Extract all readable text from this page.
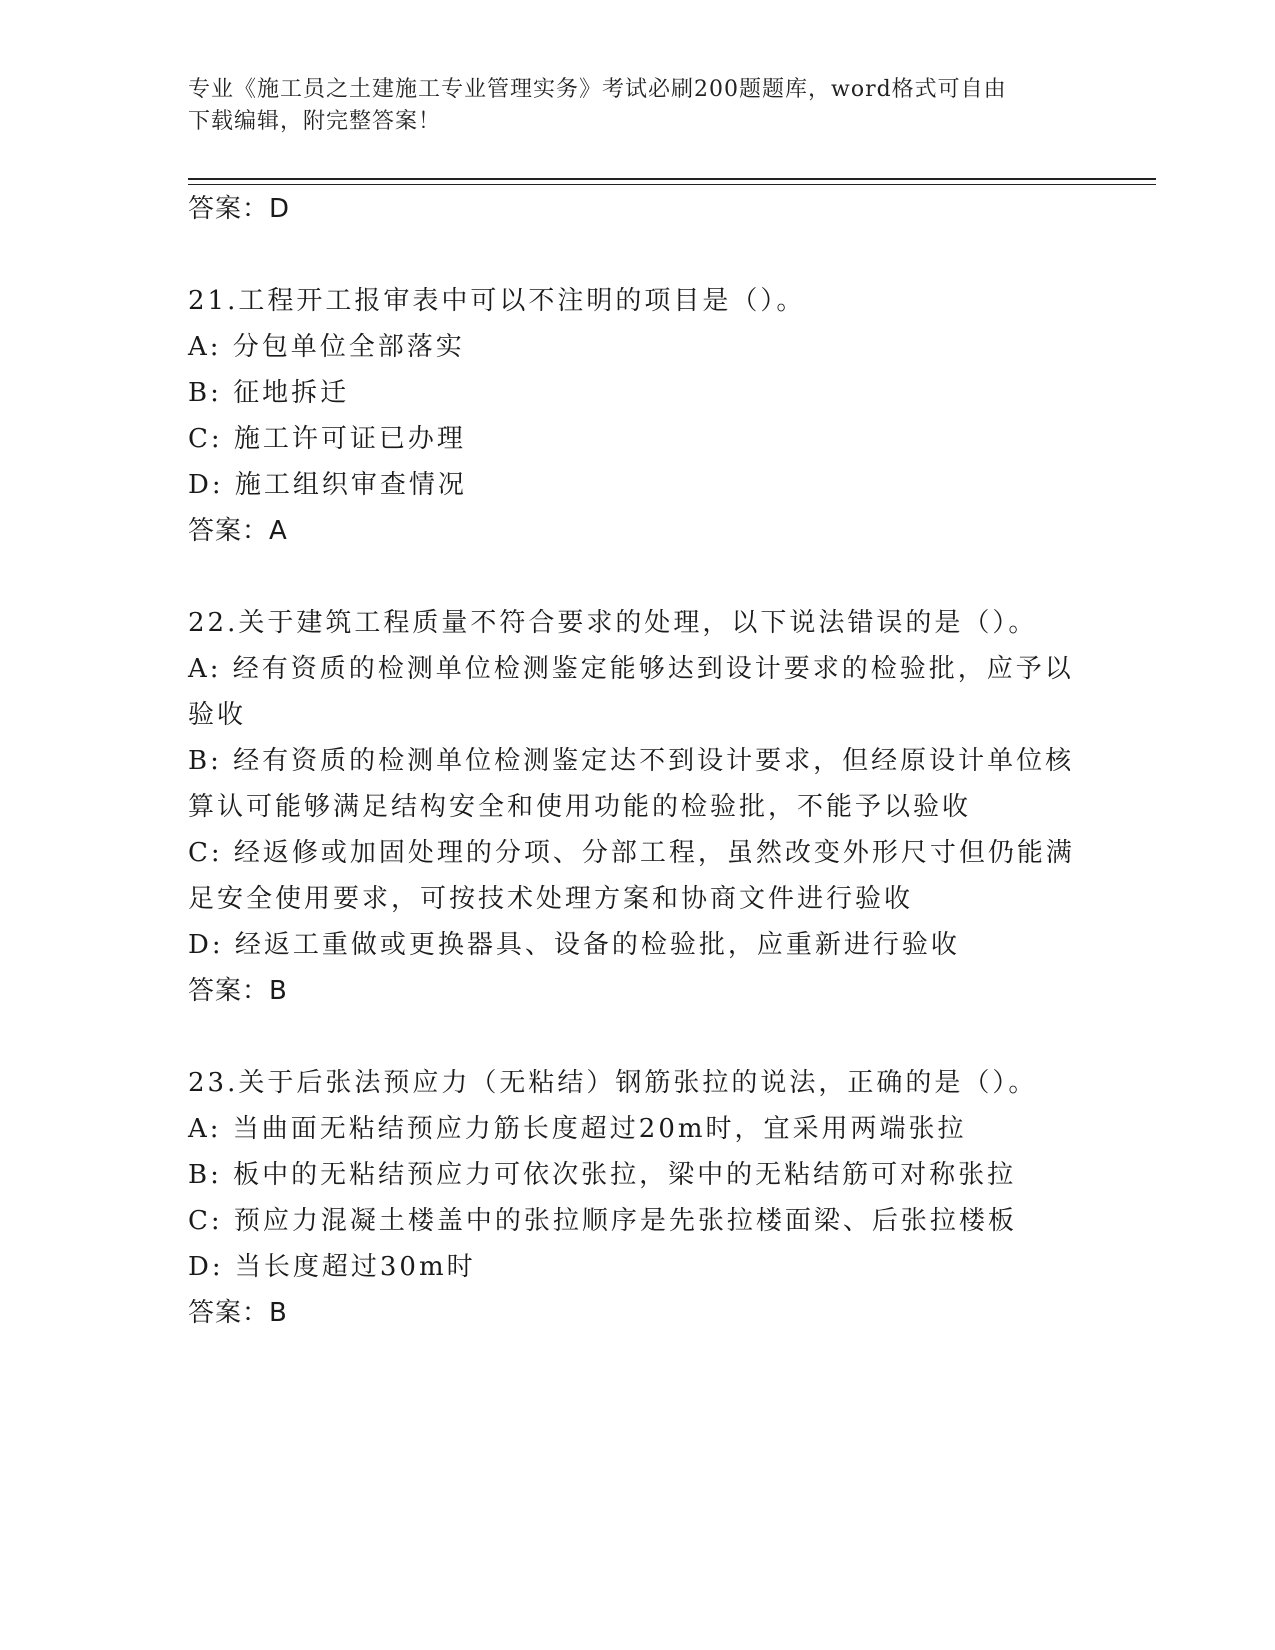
专业《施工员之土建施工专业管理实务》考试必刷200题题库，word格式可自由
下载编辑，附完整答案！
答案：D
21.工程开工报审表中可以不注明的项目是（）。
A: 分包单位全部落实
B: 征地拆迁
C: 施工许可证已办理
D: 施工组织审查情况
答案：A
22.关于建筑工程质量不符合要求的处理，以下说法错误的是（）。
A: 经有资质的检测单位检测鉴定能够达到设计要求的检验批，应予以
验收
B: 经有资质的检测单位检测鉴定达不到设计要求，但经原设计单位核
算认可能够满足结构安全和使用功能的检验批，不能予以验收
C: 经返修或加固处理的分项、分部工程，虽然改变外形尺寸但仍能满
足安全使用要求，可按技术处理方案和协商文件进行验收
D: 经返工重做或更换器具、设备的检验批，应重新进行验收
答案：B
23.关于后张法预应力（无粘结）钢筋张拉的说法，正确的是（）。
A: 当曲面无粘结预应力筋长度超过20m时，宜采用两端张拉
B: 板中的无粘结预应力可依次张拉，梁中的无粘结筋可对称张拉
C: 预应力混凝土楼盖中的张拉顺序是先张拉楼面梁、后张拉楼板
D: 当长度超过30m时
答案：B
